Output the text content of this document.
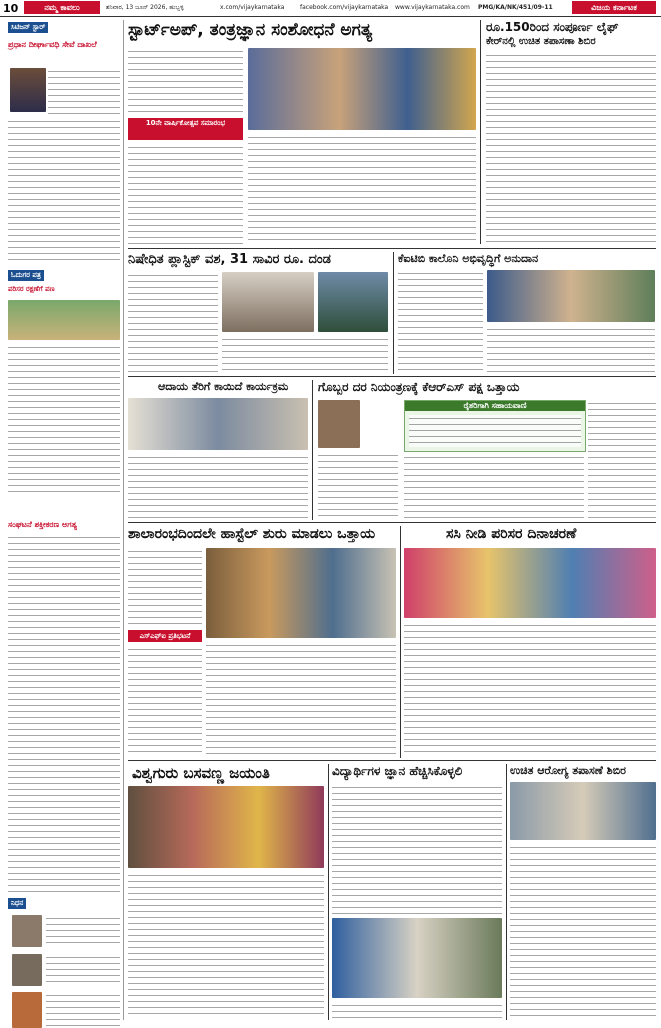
10	ನಮ್ಮ ಕಾವಲು	ಶನಿವಾರ, 13 ಜೂನ್ 2026, ಹುಬ್ಬಳ್ಳಿ	x.com/vijaykarnataka	facebook.com/vijaykarnataka www.vijaykarnataka.com PMG/KA/NK/451/09-11	ವಿಜಯ ಕರ್ನಾಟಕ
ಸಿಟಿಜನ್ ಸ್ಟಾರ್
ಪ್ರಧಾನ ದೀರ್ಘಾವಧಿ ಸೇವೆ ದಾಖಲೆ
ಓದುಗರ ಪತ್ರ
ಪರಿಸರ ರಕ್ಷಣೆಗೆ ಪಣ
ಸಂಘಟನೆ ಶಕ್ತೀಕರಣ ಅಗತ್ಯ
ನಿಧನ
ಸ್ಟಾರ್ಟ್‌ಅಪ್, ತಂತ್ರಜ್ಞಾನ ಸಂಶೋಧನೆ ಅಗತ್ಯ
10ನೇ ವಾರ್ಷಿಕೋತ್ಸವ ಸಮಾರಂಭ
ರೂ.150ರಿಂದ ಸಂಪೂರ್ಣ ಲೈಫ್‌
ಕೇರ್‌ನಲ್ಲಿ ಉಚಿತ ತಪಾಸಣಾ ಶಿಬಿರ
ನಿಷೇಧಿತ ಪ್ಲಾಸ್ಟಿಕ್ ವಶ, 31 ಸಾವಿರ ರೂ. ದಂಡ	ಕೆಐಟಿಬಿ ಕಾಲೊನಿ ಅಭಿವೃದ್ಧಿಗೆ ಅನುದಾನ
ಆದಾಯ ತೆರಿಗೆ ಕಾಯಿದೆ ಕಾರ್ಯಕ್ರಮ ಗೊಬ್ಬರ ದರ ನಿಯಂತ್ರಣಕ್ಕೆ ಕೆಆರ್‌ಎಸ್ ಪಕ್ಷ ಒತ್ತಾಯ
ರೈತರಿಗಾಗಿ ಸಹಾಯವಾಣಿ
ಶಾಲಾರಂಭದಿಂದಲೇ ಹಾಸ್ಟೆಲ್ ಶುರು ಮಾಡಲು ಒತ್ತಾಯ
ಎಸ್‌ಎಫ್‌ಐ ಪ್ರತಿಭಟನೆ
ಸಸಿ ನೀಡಿ ಪರಿಸರ ದಿನಾಚರಣೆ
ವಿಶ್ವಗುರು ಬಸವಣ್ಣ ಜಯಂತಿ	ವಿದ್ಯಾರ್ಥಿಗಳ ಜ್ಞಾನ ಹೆಚ್ಚಿಸಿಕೊಳ್ಳಲಿ	ಉಚಿತ ಆರೋಗ್ಯ ತಪಾಸಣೆ ಶಿಬಿರ
